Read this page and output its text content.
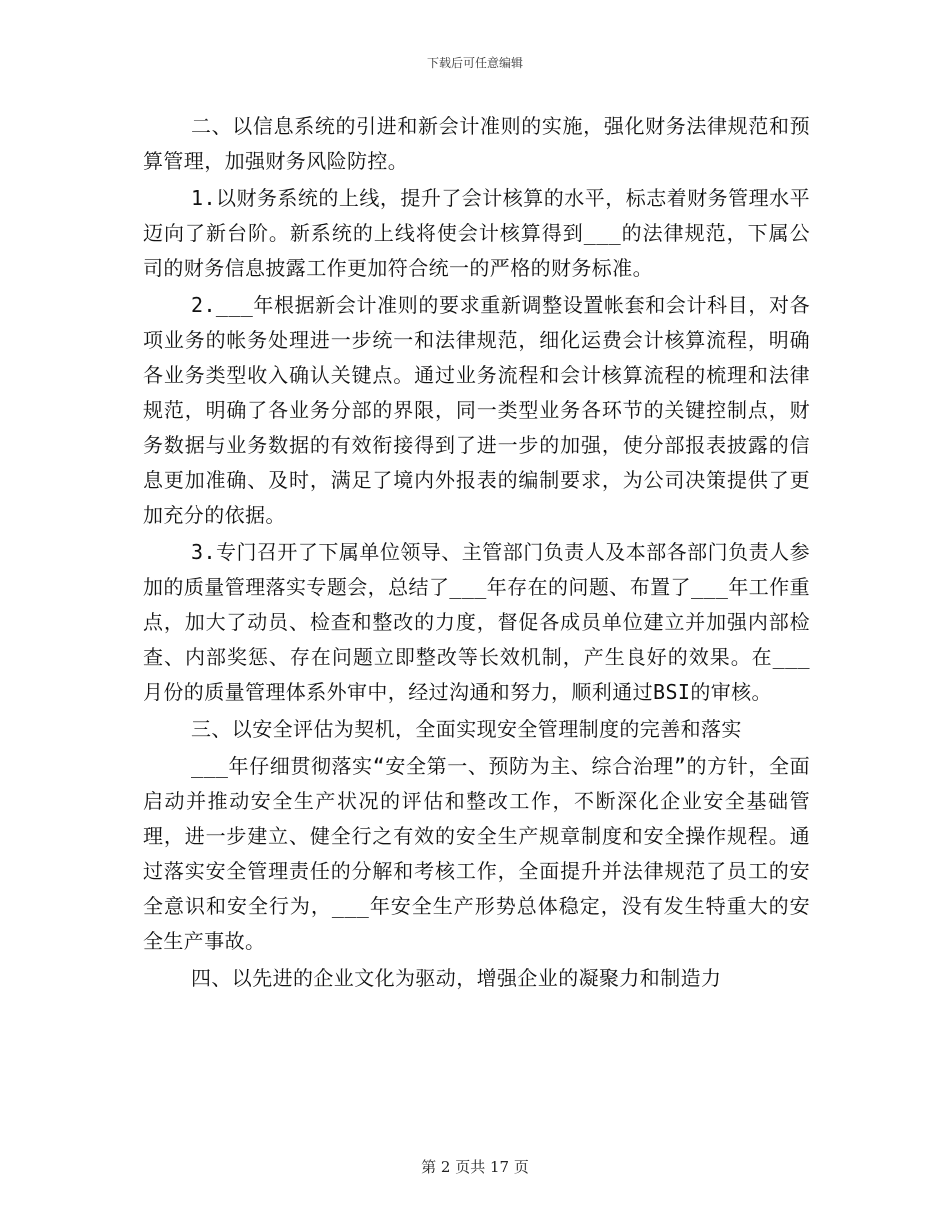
下载后可任意编辑

二、以信息系统的引进和新会计准则的实施，强化财务法律规范和预算管理，加强财务风险防控。

1.以财务系统的上线，提升了会计核算的水平，标志着财务管理水平迈向了新台阶。新系统的上线将使会计核算得到___的法律规范，下属公司的财务信息披露工作更加符合统一的严格的财务标准。

2.___年根据新会计准则的要求重新调整设置帐套和会计科目，对各项业务的帐务处理进一步统一和法律规范，细化运费会计核算流程，明确各业务类型收入确认关键点。通过业务流程和会计核算流程的梳理和法律规范，明确了各业务分部的界限，同一类型业务各环节的关键控制点，财务数据与业务数据的有效衔接得到了进一步的加强，使分部报表披露的信息更加准确、及时，满足了境内外报表的编制要求，为公司决策提供了更加充分的依据。

3.专门召开了下属单位领导、主管部门负责人及本部各部门负责人参加的质量管理落实专题会，总结了___年存在的问题、布置了___年工作重点，加大了动员、检查和整改的力度，督促各成员单位建立并加强内部检查、内部奖惩、存在问题立即整改等长效机制，产生良好的效果。在___月份的质量管理体系外审中，经过沟通和努力，顺利通过BSI的审核。

三、以安全评估为契机，全面实现安全管理制度的完善和落实

___年仔细贯彻落实“安全第一、预防为主、综合治理”的方针，全面启动并推动安全生产状况的评估和整改工作，不断深化企业安全基础管理，进一步建立、健全行之有效的安全生产规章制度和安全操作规程。通过落实安全管理责任的分解和考核工作，全面提升并法律规范了员工的安全意识和安全行为，___年安全生产形势总体稳定，没有发生特重大的安全生产事故。

四、以先进的企业文化为驱动，增强企业的凝聚力和制造力

第 2 页共 17 页
